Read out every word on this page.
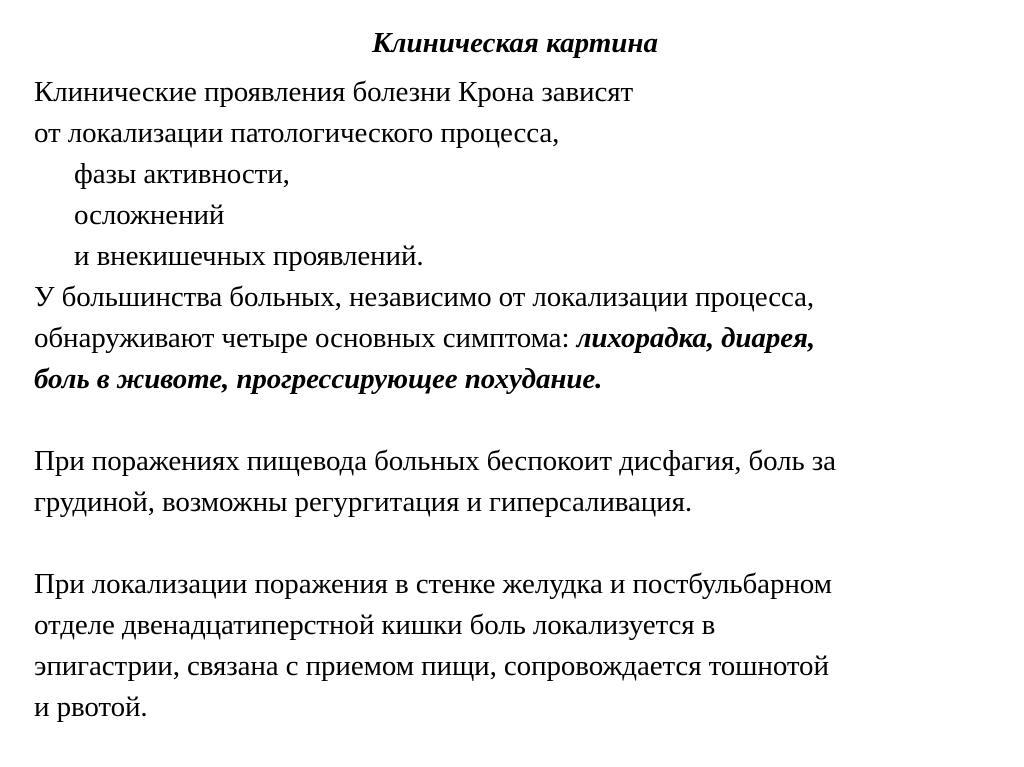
Клиническая картина
Клинические проявления болезни Крона зависят
от локализации патологического процесса,
фазы активности,
осложнений
и внекишечных проявлений.
У большинства больных, независимо от локализации процесса,
обнаруживают четыре основных симптома: лихорадка, диарея,
боль в животе, прогрессирующее похудание.
При поражениях пищевода больных беспокоит дисфагия, боль за
грудиной, возможны регургитация и гиперсаливация.
При локализации поражения в стенке желудка и постбульбарном
отделе двенадцатиперстной кишки боль локализуется в
эпигастрии, связана с приемом пищи, сопровождается тошнотой
и рвотой.
